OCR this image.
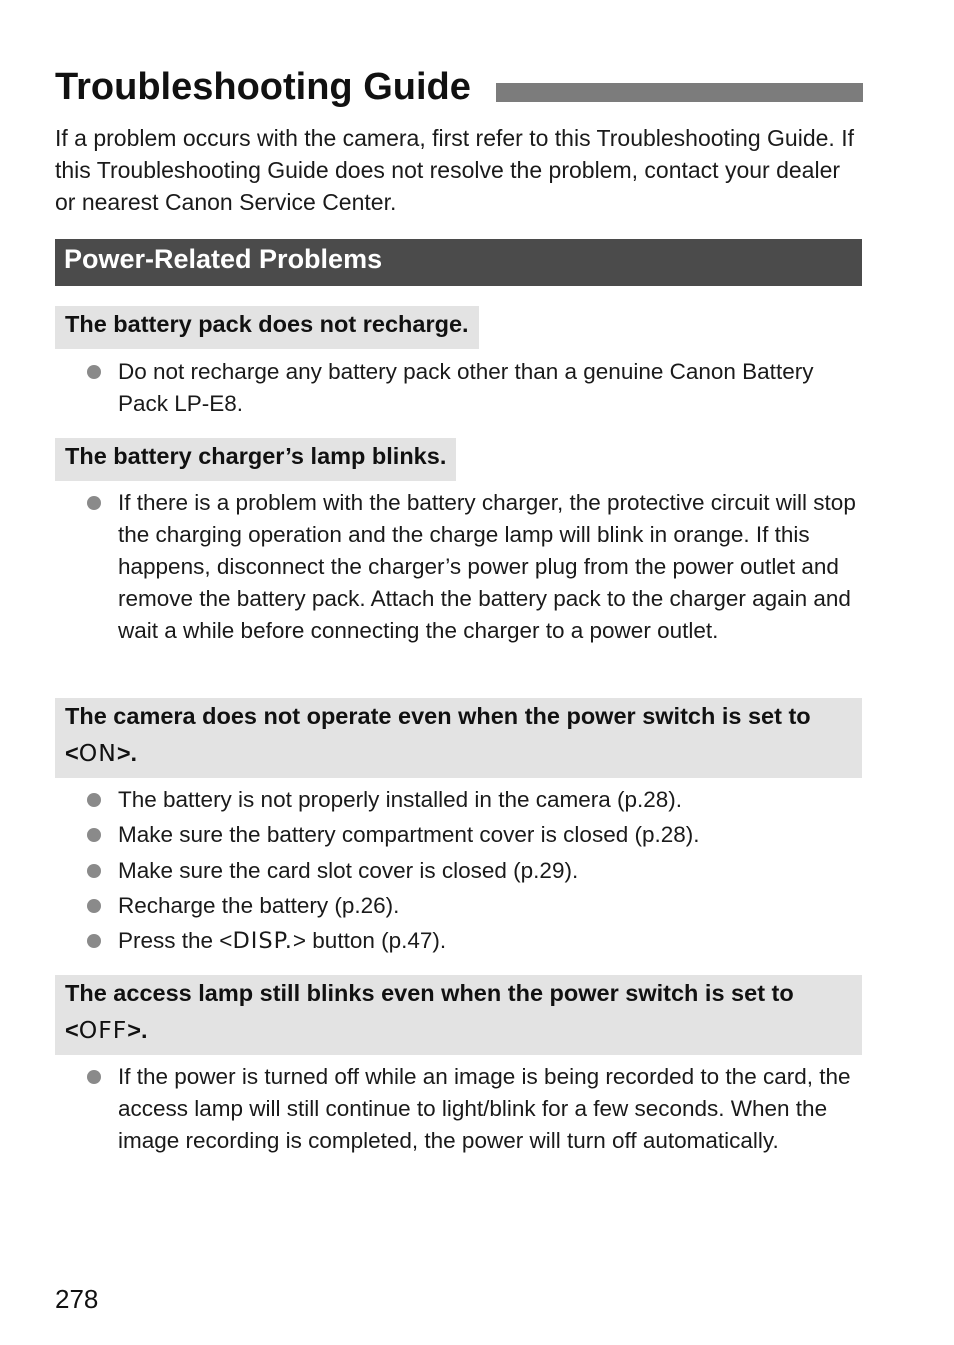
Troubleshooting Guide

If a problem occurs with the camera, first refer to this Troubleshooting Guide. If this Troubleshooting Guide does not resolve the problem, contact your dealer or nearest Canon Service Center.

Power-Related Problems
The battery pack does not recharge.
Do not recharge any battery pack other than a genuine Canon Battery Pack LP-E8.
The battery charger’s lamp blinks.
If there is a problem with the battery charger, the protective circuit will stop the charging operation and the charge lamp will blink in orange. If this happens, disconnect the charger’s power plug from the power outlet and remove the battery pack. Attach the battery pack to the charger again and wait a while before connecting the charger to a power outlet.
The camera does not operate even when the power switch is set to <ON>.
The battery is not properly installed in the camera (p.28).
Make sure the battery compartment cover is closed (p.28).
Make sure the card slot cover is closed (p.29).
Recharge the battery (p.26).
Press the <DISP.> button (p.47).
The access lamp still blinks even when the power switch is set to <OFF>.
If the power is turned off while an image is being recorded to the card, the access lamp will still continue to light/blink for a few seconds. When the image recording is completed, the power will turn off automatically.
278
